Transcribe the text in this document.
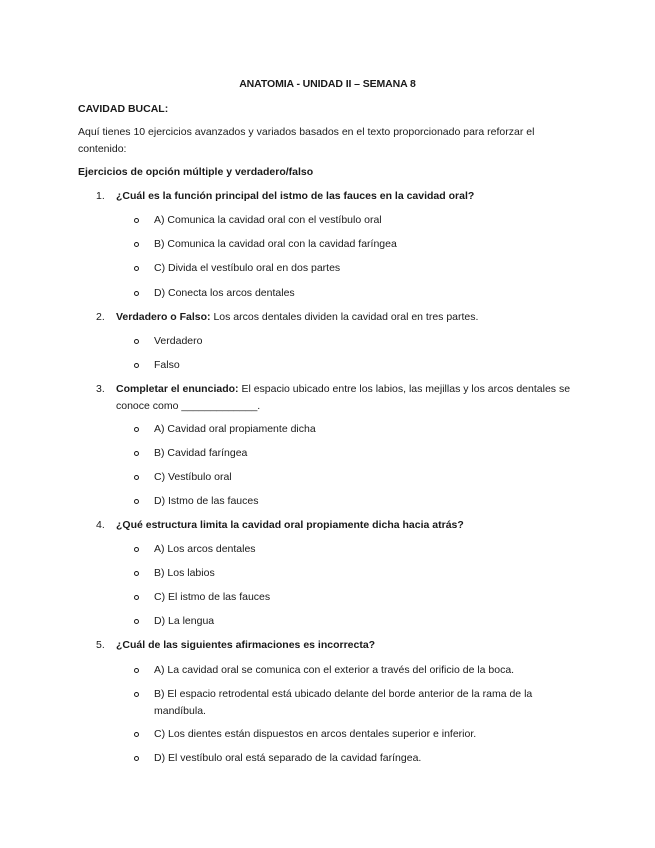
ANATOMIA - UNIDAD II – SEMANA 8
CAVIDAD BUCAL:
Aquí tienes 10 ejercicios avanzados y variados basados en el texto proporcionado para reforzar el contenido:
Ejercicios de opción múltiple y verdadero/falso
1. ¿Cuál es la función principal del istmo de las fauces en la cavidad oral?
A) Comunica la cavidad oral con el vestíbulo oral
B) Comunica la cavidad oral con la cavidad faríngea
C) Divida el vestíbulo oral en dos partes
D) Conecta los arcos dentales
2. Verdadero o Falso: Los arcos dentales dividen la cavidad oral en tres partes.
Verdadero
Falso
3. Completar el enunciado: El espacio ubicado entre los labios, las mejillas y los arcos dentales se conoce como _____________.
A) Cavidad oral propiamente dicha
B) Cavidad faríngea
C) Vestíbulo oral
D) Istmo de las fauces
4. ¿Qué estructura limita la cavidad oral propiamente dicha hacia atrás?
A) Los arcos dentales
B) Los labios
C) El istmo de las fauces
D) La lengua
5. ¿Cuál de las siguientes afirmaciones es incorrecta?
A) La cavidad oral se comunica con el exterior a través del orificio de la boca.
B) El espacio retrodental está ubicado delante del borde anterior de la rama de la mandíbula.
C) Los dientes están dispuestos en arcos dentales superior e inferior.
D) El vestíbulo oral está separado de la cavidad faríngea.
